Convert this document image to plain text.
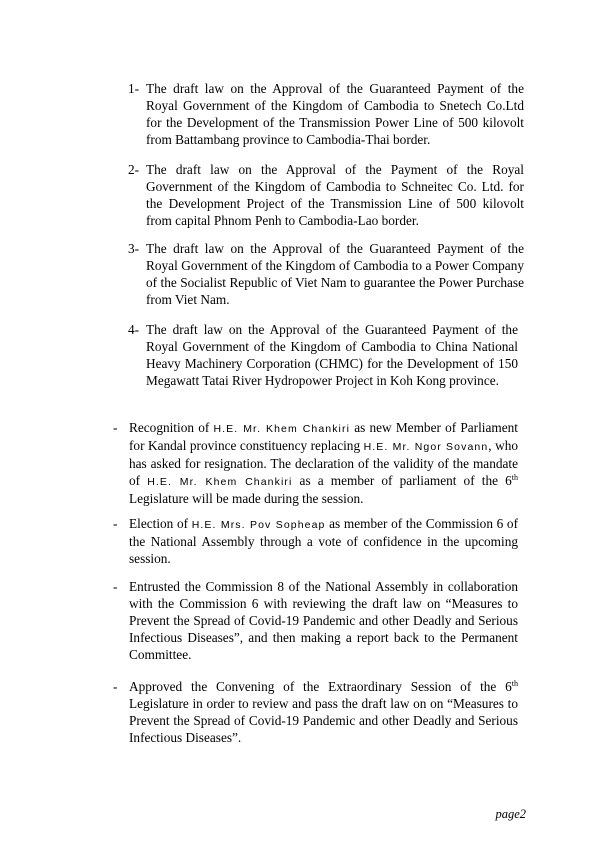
1- The draft law on the Approval of the Guaranteed Payment of the Royal Government of the Kingdom of Cambodia to Snetech Co.Ltd for the Development of the Transmission Power Line of 500 kilovolt from Battambang province to Cambodia-Thai border.
2- The draft law on the Approval of the Payment of the Royal Government of the Kingdom of Cambodia to Schneitec Co. Ltd. for the Development Project of the Transmission Line of 500 kilovolt from capital Phnom Penh to Cambodia-Lao border.
3- The draft law on the Approval of the Guaranteed Payment of the Royal Government of the Kingdom of Cambodia to a Power Company of the Socialist Republic of Viet Nam to guarantee the Power Purchase from Viet Nam.
4- The draft law on the Approval of the Guaranteed Payment of the Royal Government of the Kingdom of Cambodia to China National Heavy Machinery Corporation (CHMC) for the Development of 150 Megawatt Tatai River Hydropower Project in Koh Kong province.
- Recognition of H.E. Mr. Khem Chankiri as new Member of Parliament for Kandal province constituency replacing H.E. Mr. Ngor Sovann, who has asked for resignation. The declaration of the validity of the mandate of H.E. Mr. Khem Chankiri as a member of parliament of the 6th Legislature will be made during the session.
- Election of H.E. Mrs. Pov Sopheap as member of the Commission 6 of the National Assembly through a vote of confidence in the upcoming session.
- Entrusted the Commission 8 of the National Assembly in collaboration with the Commission 6 with reviewing the draft law on “Measures to Prevent the Spread of Covid-19 Pandemic and other Deadly and Serious Infectious Diseases”, and then making a report back to the Permanent Committee.
- Approved the Convening of the Extraordinary Session of the 6th Legislature in order to review and pass the draft law on on “Measures to Prevent the Spread of Covid-19 Pandemic and other Deadly and Serious Infectious Diseases”.
page2
